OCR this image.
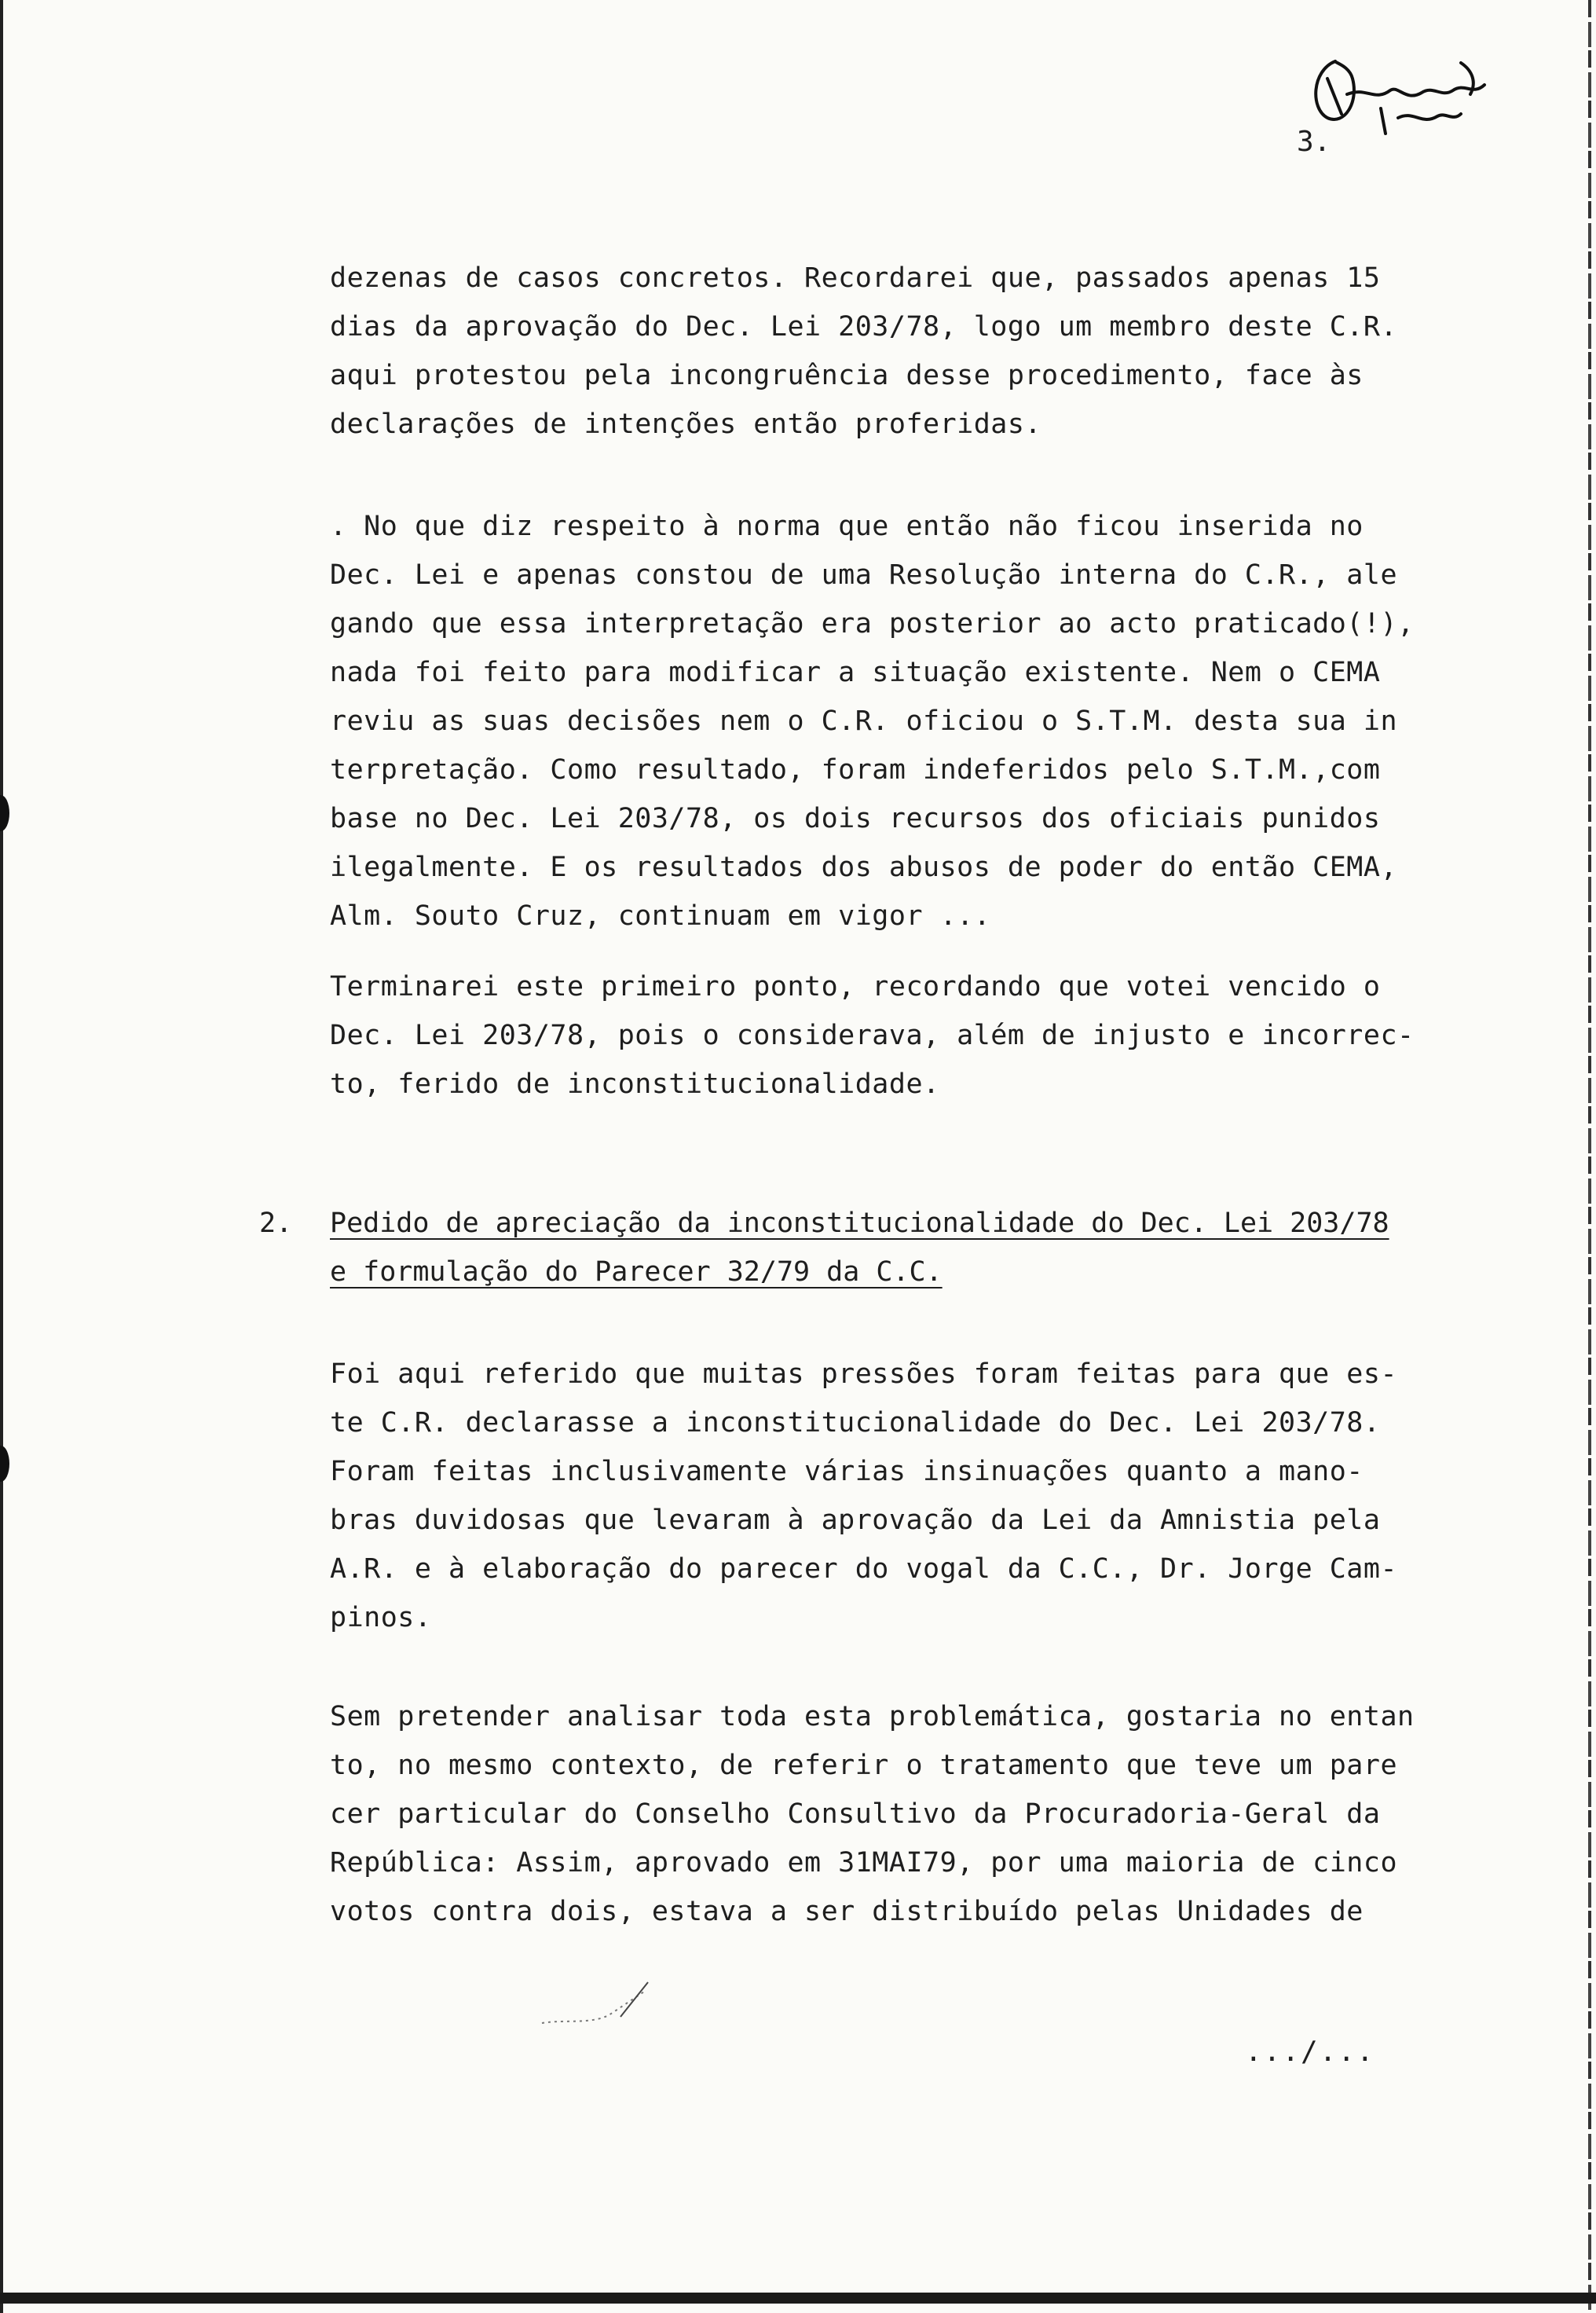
3.

dezenas de casos concretos. Recordarei que, passados apenas 15
dias da aprovação do Dec. Lei 203/78, logo um membro deste C.R.
aqui protestou pela incongruência desse procedimento, face às
declarações de intenções então proferidas.

. No que diz respeito à norma que então não ficou inserida no
Dec. Lei e apenas constou de uma Resolução interna do C.R., ale
gando que essa interpretação era posterior ao acto praticado(!),
nada foi feito para modificar a situação existente. Nem o CEMA
reviu as suas decisões nem o C.R. oficiou o S.T.M. desta sua in
terpretação. Como resultado, foram indeferidos pelo S.T.M.,com
base no Dec. Lei 203/78, os dois recursos dos oficiais punidos
ilegalmente. E os resultados dos abusos de poder do então CEMA,
Alm. Souto Cruz, continuam em vigor ...

Terminarei este primeiro ponto, recordando que votei vencido o
Dec. Lei 203/78, pois o considerava, além de injusto e incorrec-
to, ferido de inconstitucionalidade.

2. Pedido de apreciação da inconstitucionalidade do Dec. Lei 203/78
e formulação do Parecer 32/79 da C.C.

Foi aqui referido que muitas pressões foram feitas para que es-
te C.R. declarasse a inconstitucionalidade do Dec. Lei 203/78.
Foram feitas inclusivamente várias insinuações quanto a mano-
bras duvidosas que levaram à aprovação da Lei da Amnistia pela
A.R. e à elaboração do parecer do vogal da C.C., Dr. Jorge Cam-
pinos.

Sem pretender analisar toda esta problemática, gostaria no entan
to, no mesmo contexto, de referir o tratamento que teve um pare
cer particular do Conselho Consultivo da Procuradoria-Geral da
República: Assim, aprovado em 31MAI79, por uma maioria de cinco
votos contra dois, estava a ser distribuído pelas Unidades de

.../...
